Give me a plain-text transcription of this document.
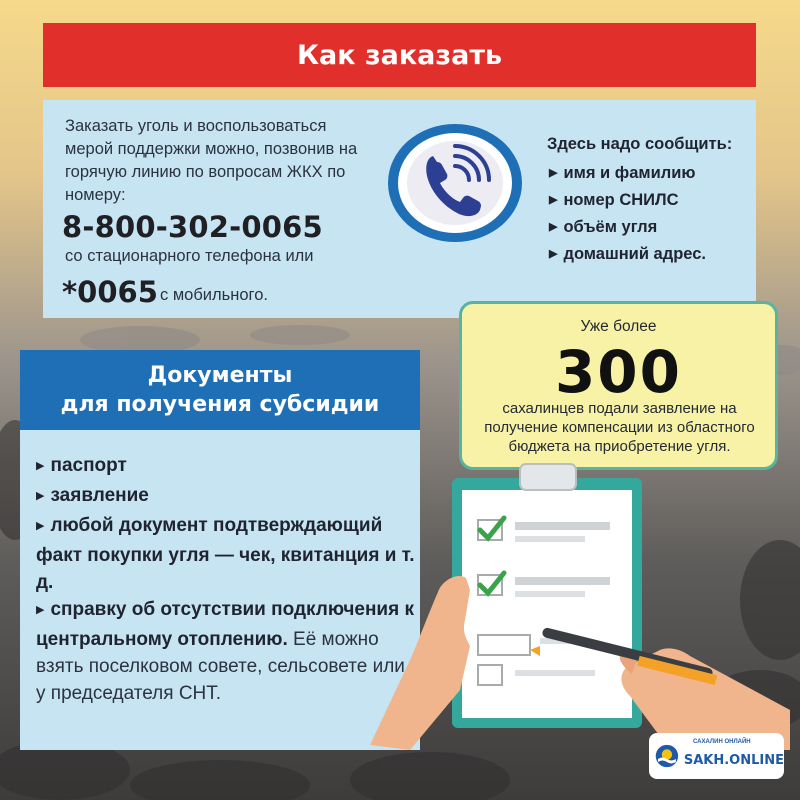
Как заказать
Заказать уголь и воспользоваться мерой поддержки можно, позвонив на горячую линию по вопросам ЖКХ по номеру:
8-800-302-0065
со стационарного телефона или
*0065 с мобильного.
Здесь надо сообщить:
▶ имя и фамилию
▶ номер СНИЛС
▶ объём угля
▶ домашний адрес.
Уже более
300
сахалинцев подали заявление на получение компенсации из областного бюджета на приобретение угля.
Документы
для получения субсидии
▶ паспорт
▶ заявление
▶ любой документ подтверждающий факт покупки угля — чек, квитанция и т. д.
▶ справку об отсутствии подключения к центральному отоплению. Её можно взять поселковом совете, сельсовете или у председателя СНТ.
САХАЛИН ОНЛАЙН
SAKH.ONLINE
